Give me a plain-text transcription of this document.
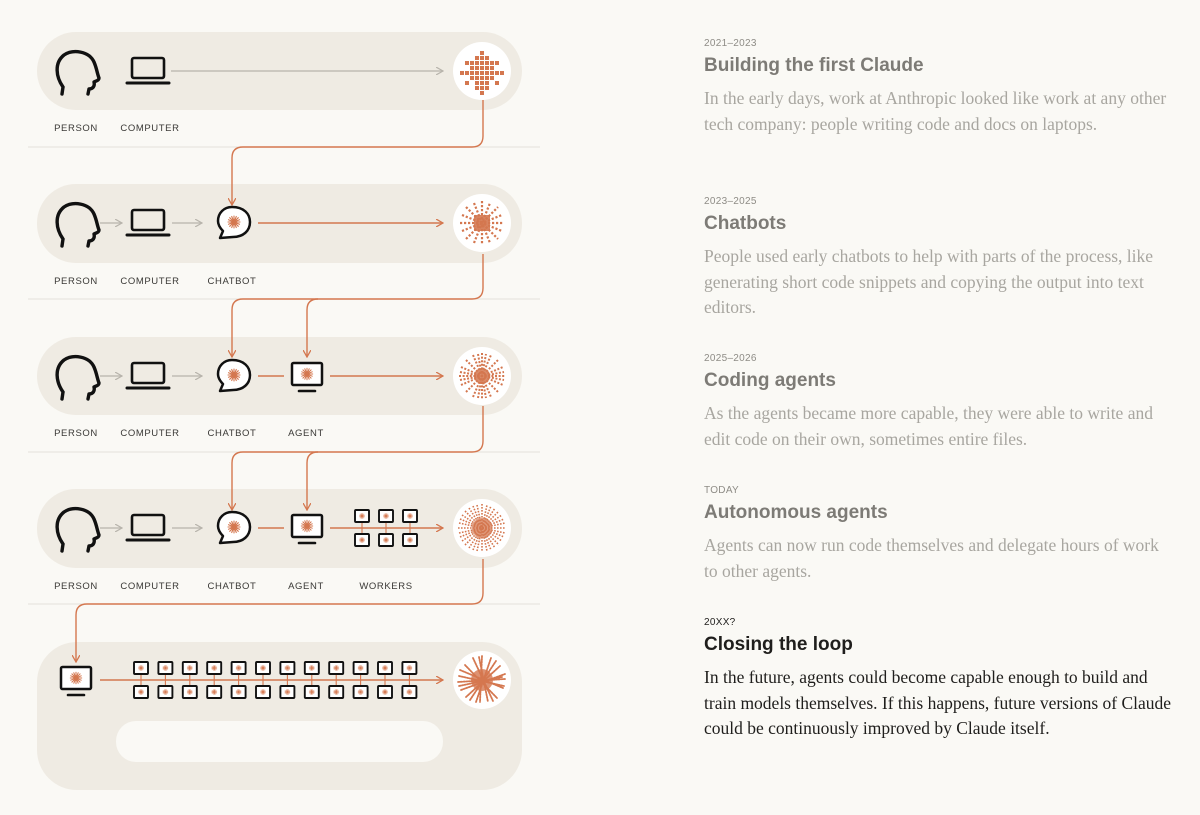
PERSON COMPUTER
PERSON COMPUTER	CHATBOT
PERSON COMPUTER	CHATBOT	AGENT
PERSON COMPUTER	CHATBOT	AGENT	WORKERS

2021–2023

Building the first Claude

In the early days, work at Anthropic looked like work at any other tech company: people writing code and docs on laptops.

2023–2025

Chatbots

People used early chatbots to help with parts of the process, like generating short code snippets and copying the output into text editors.

2025–2026

Coding agents

As the agents became more capable, they were able to write and edit code on their own, sometimes entire files.

TODAY

Autonomous agents

Agents can now run code themselves and delegate hours of work to other agents.

20XX?

Closing the loop

In the future, agents could become capable enough to build and train models themselves. If this happens, future versions of Claude could be continuously improved by Claude itself.
